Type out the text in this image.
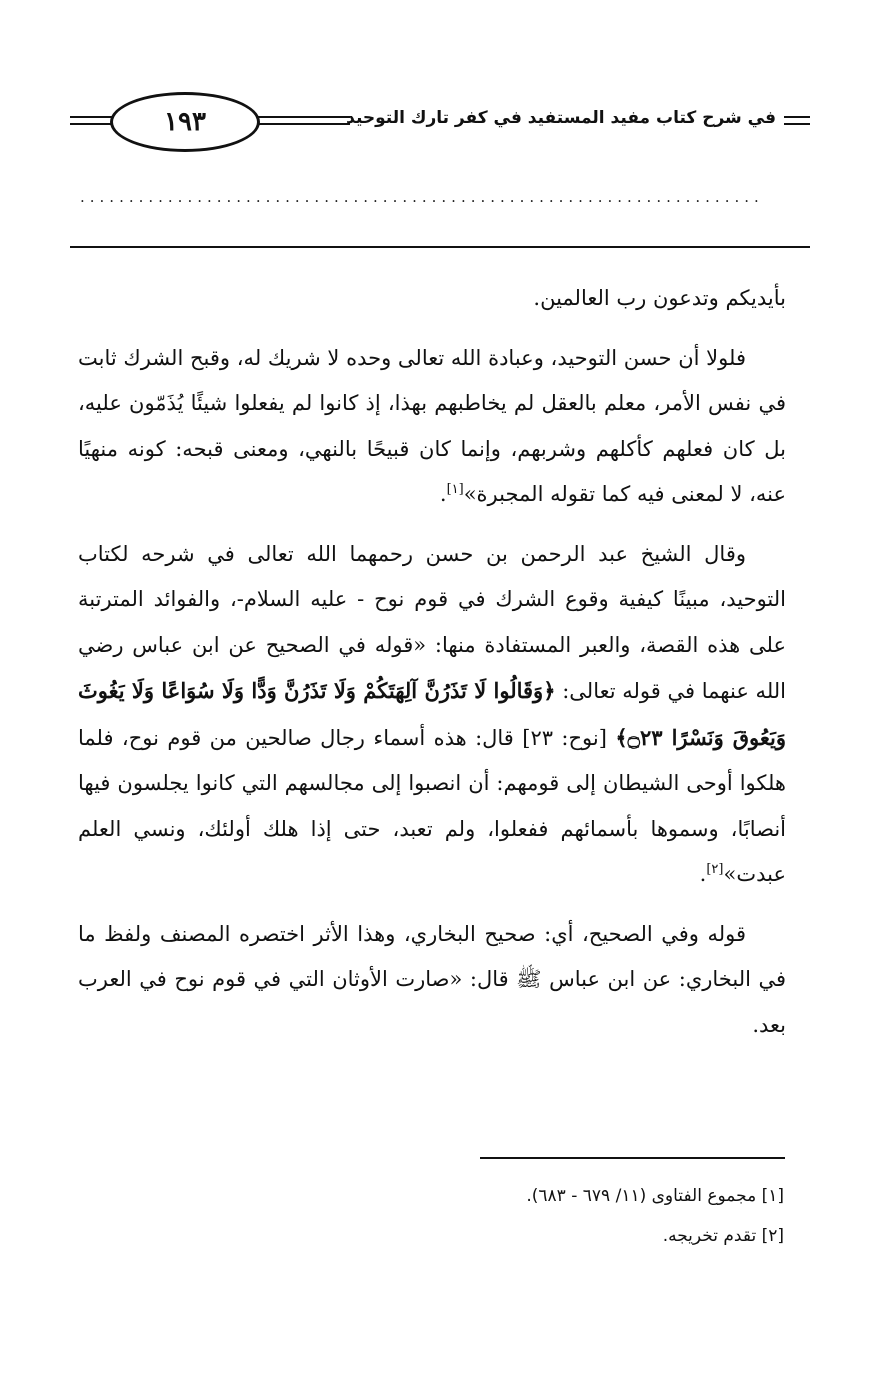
١٩٣	في شرح كتاب مفيد المستفيد في كفر تارك التوحيد
......................................................................

بأيديكم وتدعون رب العالمين.

فلولا أن حسن التوحيد، وعبادة الله تعالى وحده لا شريك له، وقبح الشرك ثابت في نفس الأمر، معلم بالعقل لم يخاطبهم بهذا، إذ كانوا لم يفعلوا شيئًا يُذَمّون عليه، بل كان فعلهم كأكلهم وشربهم، وإنما كان قبيحًا بالنهي، ومعنى قبحه: كونه منهيًا عنه، لا لمعنى فيه كما تقوله المجبرة»[١].

وقال الشيخ عبد الرحمن بن حسن رحمهما الله تعالى في شرحه لكتاب التوحيد، مبينًا كيفية وقوع الشرك في قوم نوح - عليه السلام-، والفوائد المترتبة على هذه القصة، والعبر المستفادة منها: «قوله في الصحيح عن ابن عباس رضي الله عنهما في قوله تعالى: ﴿وَقَالُوا لَا تَذَرُنَّ آلِهَتَكُمْ وَلَا تَذَرُنَّ وَدًّا وَلَا سُوَاعًا وَلَا يَغُوثَ وَيَعُوقَ وَنَسْرًا ۝٢٣﴾ [نوح: ٢٣] قال: هذه أسماء رجال صالحين من قوم نوح، فلما هلكوا أوحى الشيطان إلى قومهم: أن انصبوا إلى مجالسهم التي كانوا يجلسون فيها أنصابًا، وسموها بأسمائهم ففعلوا، ولم تعبد، حتى إذا هلك أولئك، ونسي العلم عبدت»[٢].

قوله وفي الصحيح، أي: صحيح البخاري، وهذا الأثر اختصره المصنف ولفظ ما في البخاري: عن ابن عباس ﷺ قال: «صارت الأوثان التي في قوم نوح في العرب بعد.

[١] مجموع الفتاوى (١١/ ٦٧٩ - ٦٨٣).
[٢] تقدم تخريجه.
